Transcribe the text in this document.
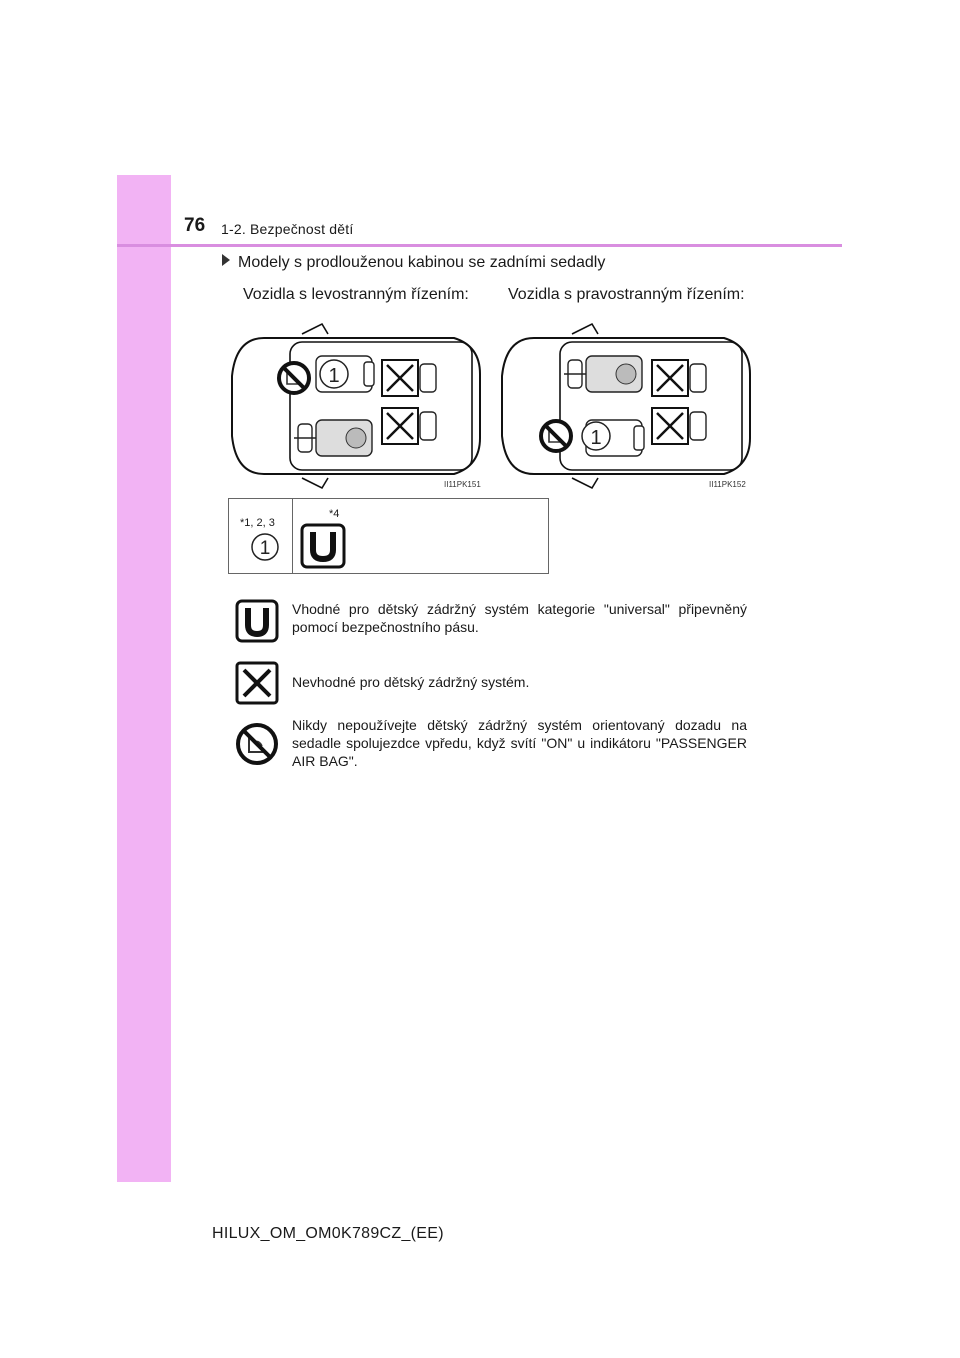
76 1-2. Bezpečnost dětí
Modely s prodlouženou kabinou se zadními sedadly
Vozidla s levostranným řízením: Vozidla s pravostranným řízením:
1
II11PK151
1
II11PK152
*1, 2, 3
1
*4
Vhodné pro dětský zádržný systém kategorie "universal" připevněný pomocí bezpečnostního pásu.
Nevhodné pro dětský zádržný systém.
Nikdy nepoužívejte dětský zádržný systém orientovaný dozadu na sedadle spolujezdce vpředu, když svítí "ON" u indikátoru "PASSENGER AIR BAG".
HILUX_OM_OM0K789CZ_(EE)
